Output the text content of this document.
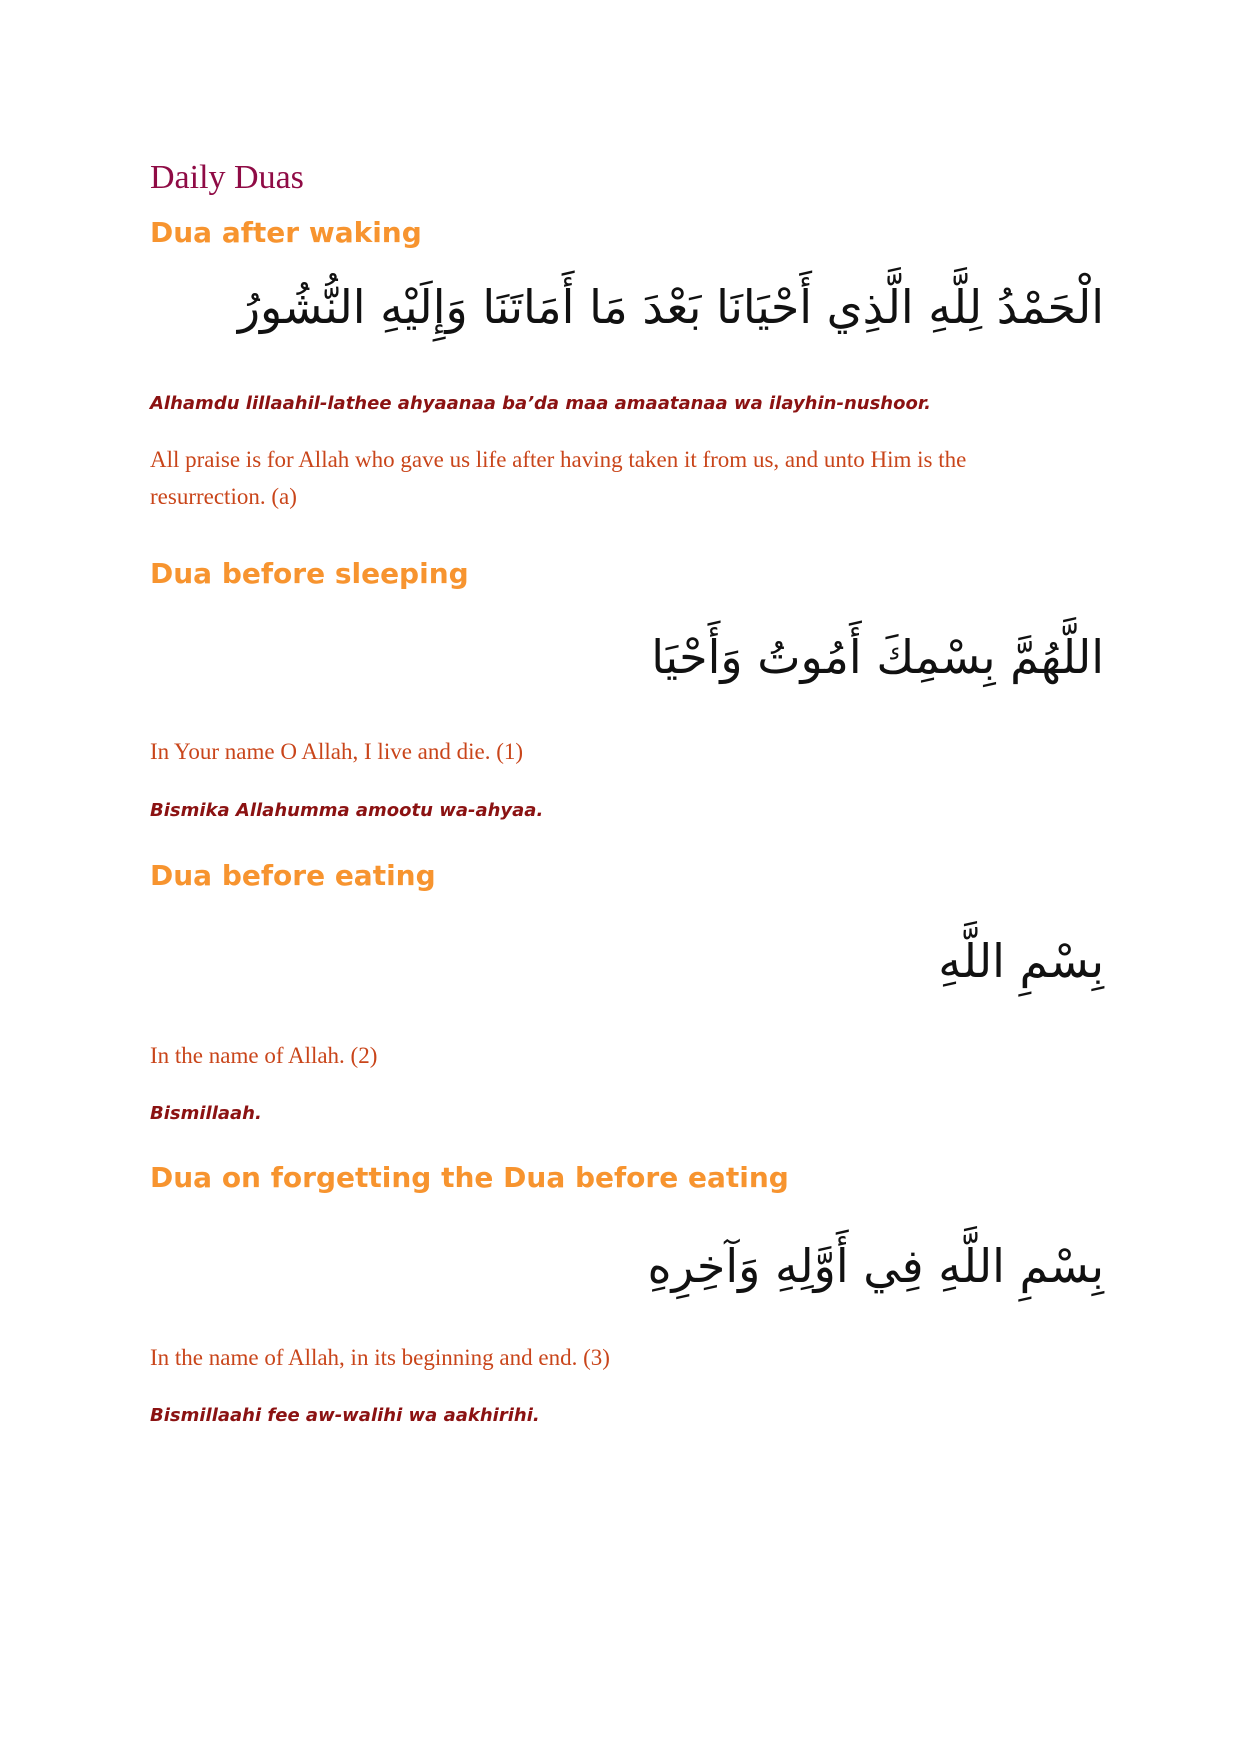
Daily Duas
Dua after waking

الْحَمْدُ لِلَّهِ الَّذِي أَحْيَانَا بَعْدَ مَا أَمَاتَنَا وَإِلَيْهِ النُّشُورُ

Alhamdu lillaahil-lathee ahyaanaa ba’da maa amaatanaa wa ilayhin-nushoor.

All praise is for Allah who gave us life after having taken it from us, and unto Him is the resurrection. (a)

Dua before sleeping

اللَّهُمَّ بِسْمِكَ أَمُوتُ وَأَحْيَا

In Your name O Allah, I live and die. (1)

Bismika Allahumma amootu wa-ahyaa.

Dua before eating

بِسْمِ اللَّهِ

In the name of Allah. (2)

Bismillaah.

Dua on forgetting the Dua before eating

بِسْمِ اللَّهِ فِي أَوَّلِهِ وَآخِرِهِ

In the name of Allah, in its beginning and end. (3)

Bismillaahi fee aw-walihi wa aakhirihi.
